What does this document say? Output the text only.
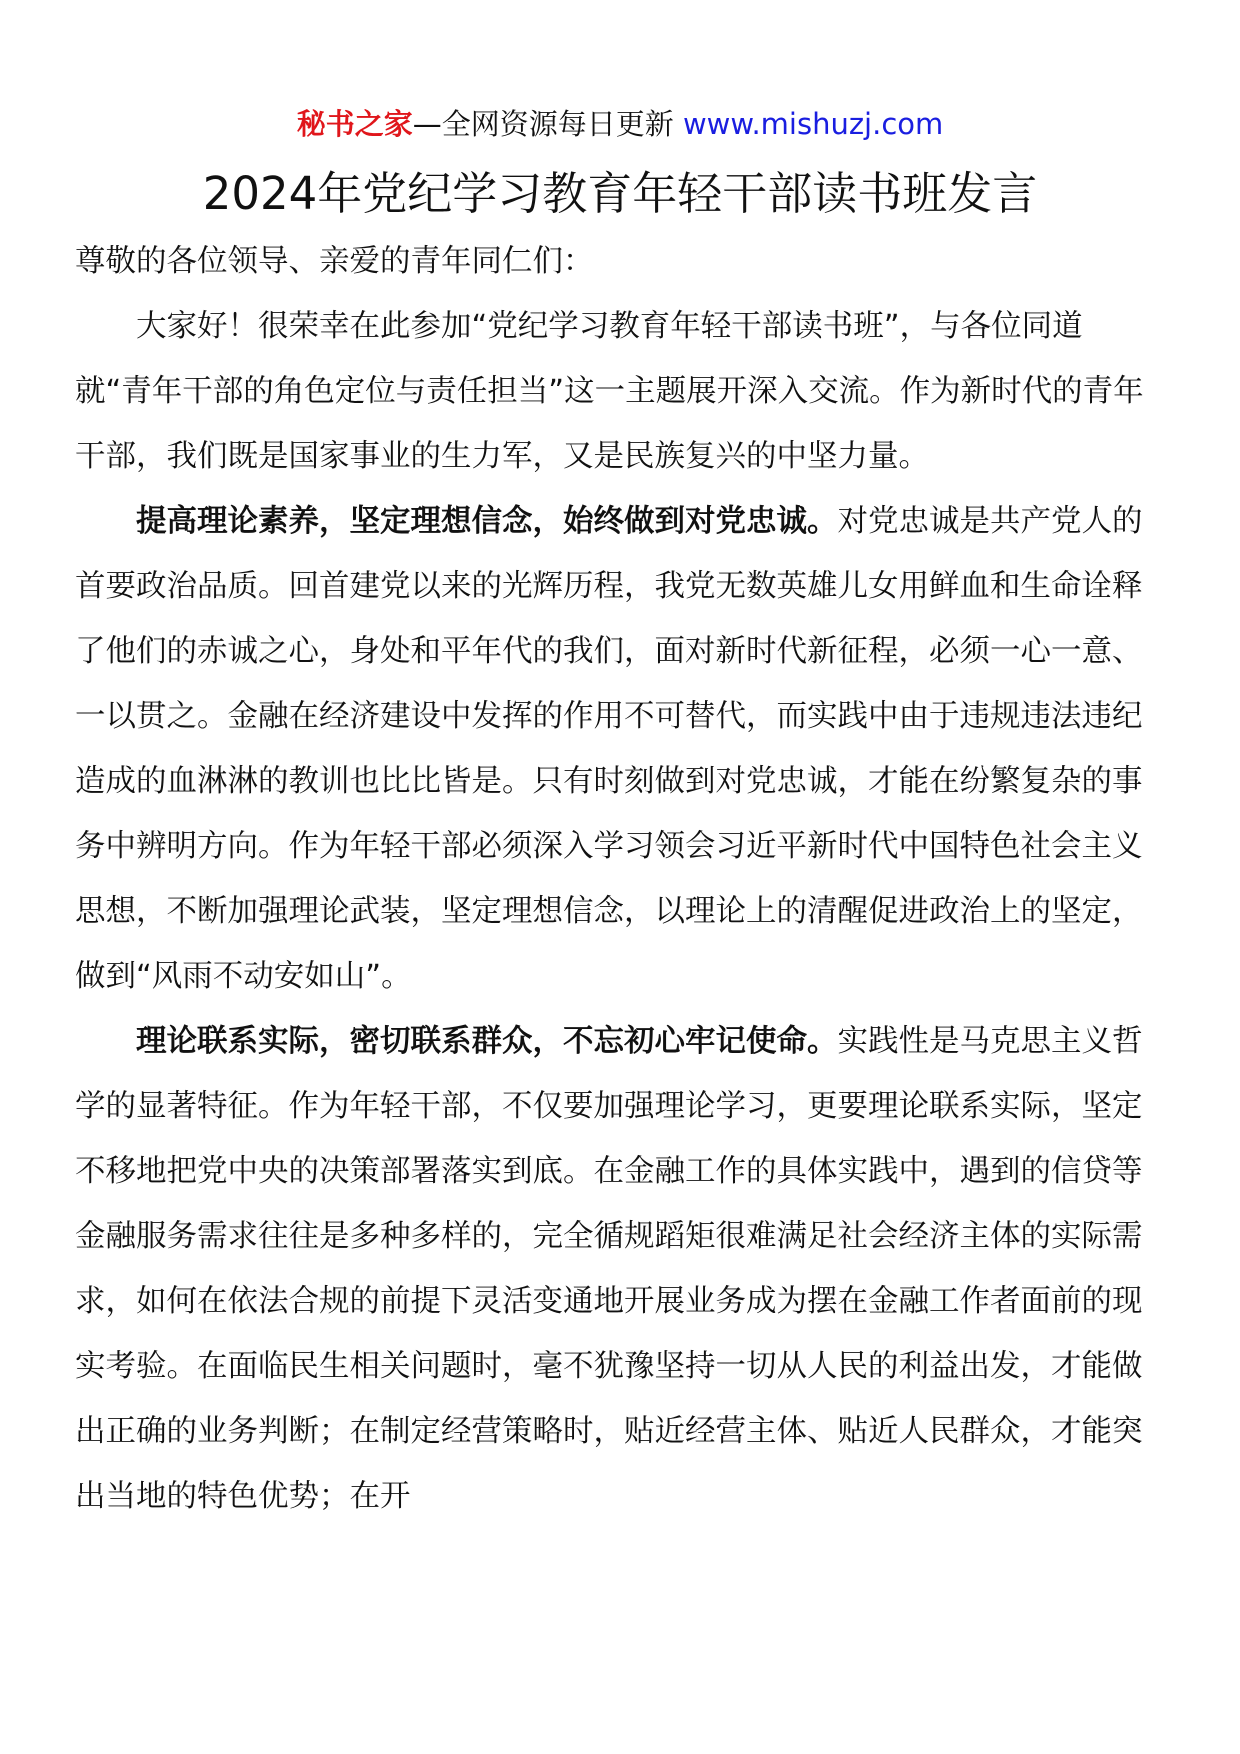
秘书之家—全网资源每日更新 www.mishuzj.com
2024年党纪学习教育年轻干部读书班发言

尊敬的各位领导、亲爱的青年同仁们：

大家好！很荣幸在此参加“党纪学习教育年轻干部读书班”，与各位同道就“青年干部的角色定位与责任担当”这一主题展开深入交流。作为新时代的青年干部，我们既是国家事业的生力军，又是民族复兴的中坚力量。

提高理论素养，坚定理想信念，始终做到对党忠诚。对党忠诚是共产党人的首要政治品质。回首建党以来的光辉历程，我党无数英雄儿女用鲜血和生命诠释了他们的赤诚之心，身处和平年代的我们，面对新时代新征程，必须一心一意、一以贯之。金融在经济建设中发挥的作用不可替代，而实践中由于违规违法违纪造成的血淋淋的教训也比比皆是。只有时刻做到对党忠诚，才能在纷繁复杂的事务中辨明方向。作为年轻干部必须深入学习领会习近平新时代中国特色社会主义思想，不断加强理论武装，坚定理想信念，以理论上的清醒促进政治上的坚定，做到“风雨不动安如山”。

理论联系实际，密切联系群众，不忘初心牢记使命。实践性是马克思主义哲学的显著特征。作为年轻干部，不仅要加强理论学习，更要理论联系实际，坚定不移地把党中央的决策部署落实到底。在金融工作的具体实践中，遇到的信贷等金融服务需求往往是多种多样的，完全循规蹈矩很难满足社会经济主体的实际需求，如何在依法合规的前提下灵活变通地开展业务成为摆在金融工作者面前的现实考验。在面临民生相关问题时，毫不犹豫坚持一切从人民的利益出发，才能做出正确的业务判断；在制定经营策略时，贴近经营主体、贴近人民群众，才能突出当地的特色优势；在开
